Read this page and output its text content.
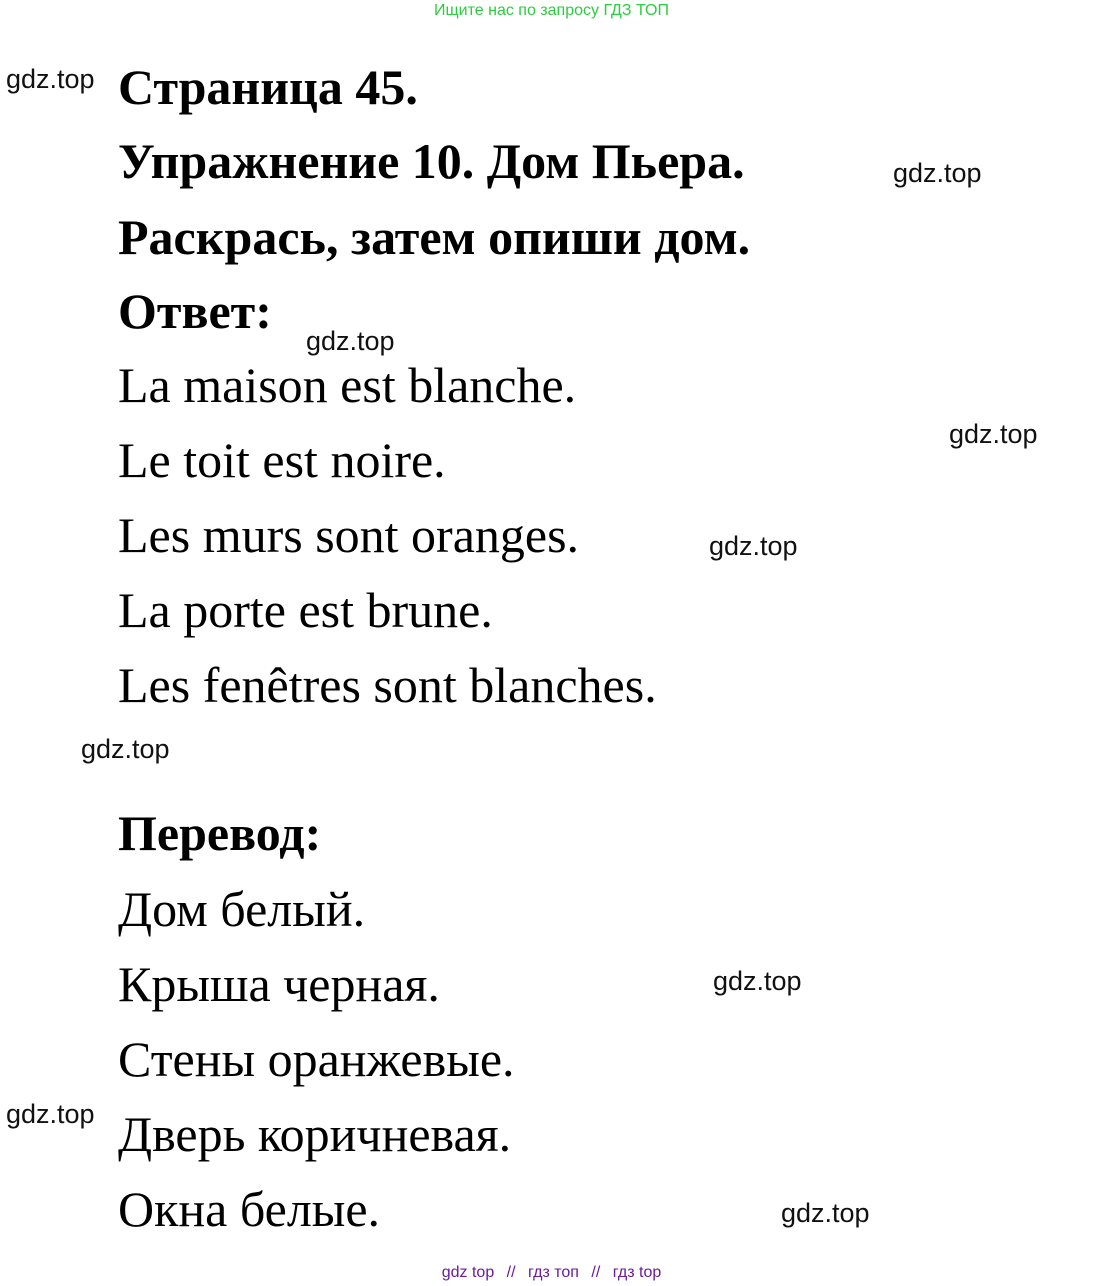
Ищите нас по запросу ГДЗ ТОП
Страница 45.
Упражнение 10. Дом Пьера.
Раскрась, затем опиши дом.
Ответ:
La maison est blanche.
Le toit est noire.
Les murs sont oranges.
La porte est brune.
Les fenêtres sont blanches.
Перевод:
Дом белый.
Крыша черная.
Стены оранжевые.
Дверь коричневая.
Окна белые.
gdz.top
gdz.top
gdz.top
gdz.top
gdz.top
gdz.top
gdz.top
gdz.top
gdz.top
gdz top // гдз топ // гдз top
